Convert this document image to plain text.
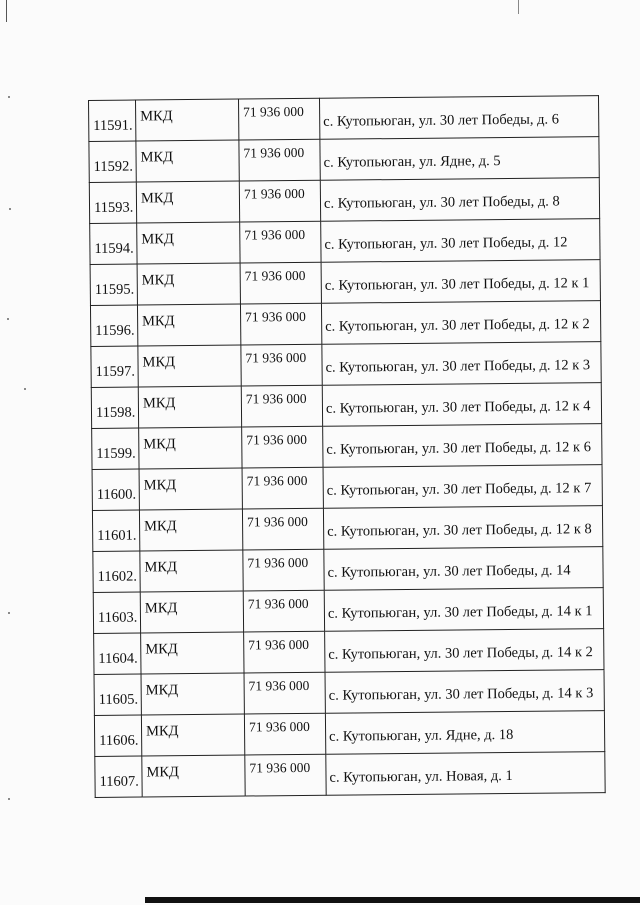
11591.	МКД	71 936 000	с. Кутопьюган, ул. 30 лет Победы, д. 6

11592.	МКД	71 936 000	с. Кутопьюган, ул. Ядне, д. 5

11593.	МКД	71 936 000	с. Кутопьюган, ул. 30 лет Победы, д. 8

11594.	МКД	71 936 000	с. Кутопьюган, ул. 30 лет Победы, д. 12

11595.	МКД	71 936 000	с. Кутопьюган, ул. 30 лет Победы, д. 12 к 1

11596.	МКД	71 936 000	с. Кутопьюган, ул. 30 лет Победы, д. 12 к 2

11597.	МКД	71 936 000	с. Кутопьюган, ул. 30 лет Победы, д. 12 к 3

11598.	МКД	71 936 000	с. Кутопьюган, ул. 30 лет Победы, д. 12 к 4

11599.	МКД	71 936 000	с. Кутопьюган, ул. 30 лет Победы, д. 12 к 6

11600.	МКД	71 936 000	с. Кутопьюган, ул. 30 лет Победы, д. 12 к 7

11601.	МКД	71 936 000	с. Кутопьюган, ул. 30 лет Победы, д. 12 к 8

11602.	МКД	71 936 000	с. Кутопьюган, ул. 30 лет Победы, д. 14

11603.	МКД	71 936 000	с. Кутопьюган, ул. 30 лет Победы, д. 14 к 1

11604.	МКД	71 936 000	с. Кутопьюган, ул. 30 лет Победы, д. 14 к 2

11605.	МКД	71 936 000	с. Кутопьюган, ул. 30 лет Победы, д. 14 к 3

11606.	МКД	71 936 000	с. Кутопьюган, ул. Ядне, д. 18

11607.	МКД	71 936 000	с. Кутопьюган, ул. Новая, д. 1
